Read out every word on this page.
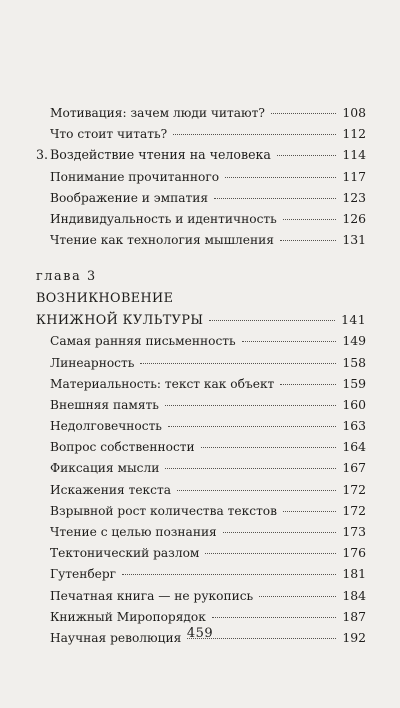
Мотивация: зачем люди читают?	108
Что стоит читать?	112
3. Воздействие чтения на человека	114
Понимание прочитанного	117
Воображение и эмпатия	123
Индивидуальность и идентичность	126
Чтение как технология мышления	131
глава 3
ВОЗНИКНОВЕНИЕ
КНИЖНОЙ КУЛЬТУРЫ	141
Самая ранняя письменность	149
Линеарность	158
Материальность: текст как объект	159
Внешняя память	160
Недолговечность	163
Вопрос собственности	164
Фиксация мысли	167
Искажения текста	172
Взрывной рост количества текстов	172
Чтение с целью познания	173
Тектонический разлом	176
Гутенберг	181
Печатная книга — не рукопись	184
Книжный Миропорядок	187
Научная революция	192
459
